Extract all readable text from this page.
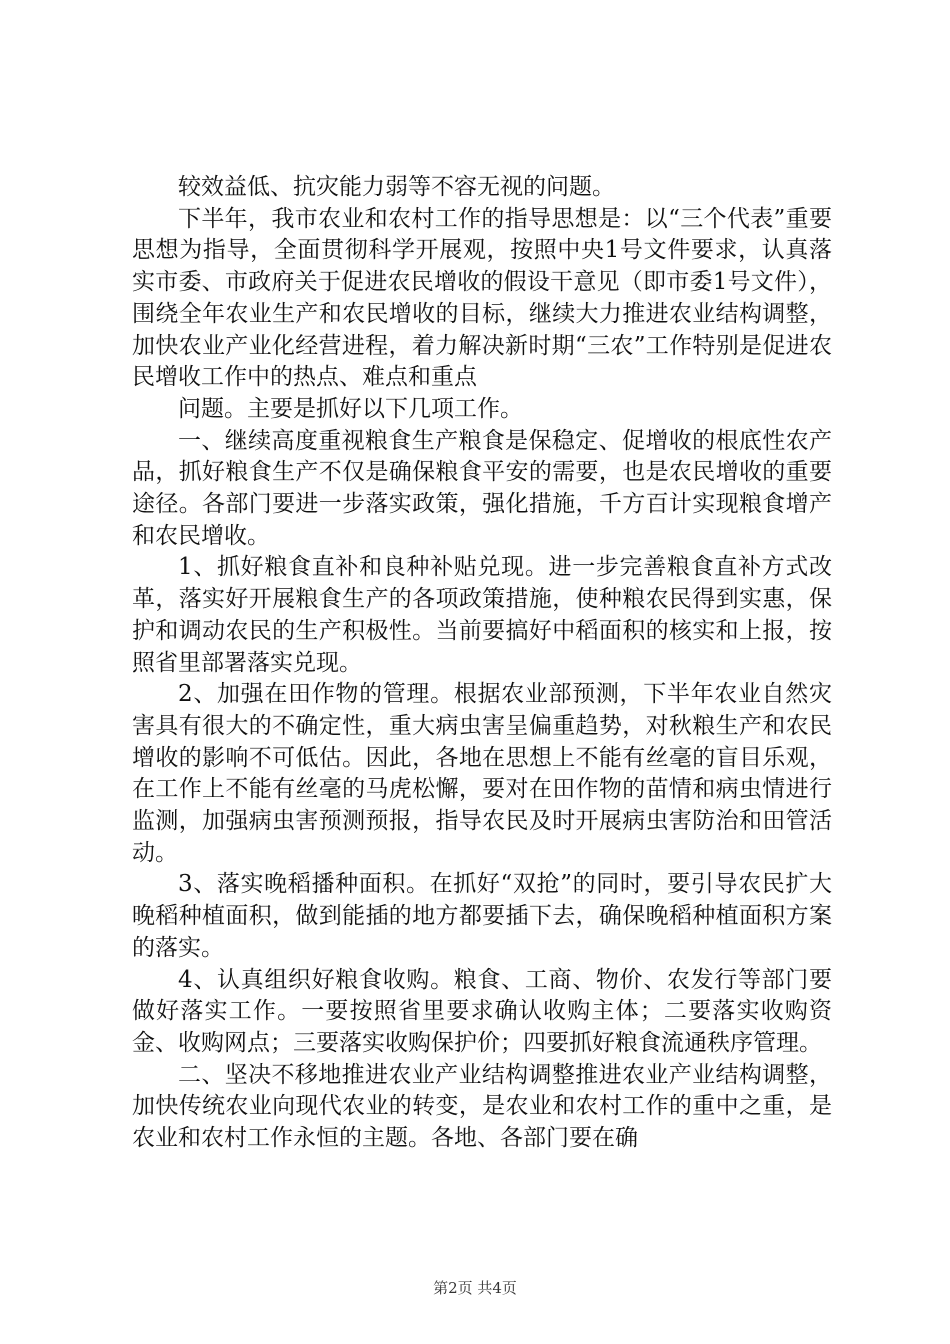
较效益低、抗灾能力弱等不容无视的问题。

下半年，我市农业和农村工作的指导思想是：以“三个代表”重要思想为指导，全面贯彻科学开展观，按照中央1号文件要求，认真落实市委、市政府关于促进农民增收的假设干意见（即市委1号文件），围绕全年农业生产和农民增收的目标，继续大力推进农业结构调整，加快农业产业化经营进程，着力解决新时期“三农”工作特别是促进农民增收工作中的热点、难点和重点

问题。主要是抓好以下几项工作。

一、继续高度重视粮食生产粮食是保稳定、促增收的根底性农产品，抓好粮食生产不仅是确保粮食平安的需要，也是农民增收的重要途径。各部门要进一步落实政策，强化措施，千方百计实现粮食增产和农民增收。

1、抓好粮食直补和良种补贴兑现。进一步完善粮食直补方式改革，落实好开展粮食生产的各项政策措施，使种粮农民得到实惠，保护和调动农民的生产积极性。当前要搞好中稻面积的核实和上报，按照省里部署落实兑现。

2、加强在田作物的管理。根据农业部预测，下半年农业自然灾害具有很大的不确定性，重大病虫害呈偏重趋势，对秋粮生产和农民增收的影响不可低估。因此，各地在思想上不能有丝毫的盲目乐观，在工作上不能有丝毫的马虎松懈，要对在田作物的苗情和病虫情进行监测，加强病虫害预测预报，指导农民及时开展病虫害防治和田管活动。

3、落实晚稻播种面积。在抓好“双抢”的同时，要引导农民扩大晚稻种植面积，做到能插的地方都要插下去，确保晚稻种植面积方案的落实。

4、认真组织好粮食收购。粮食、工商、物价、农发行等部门要做好落实工作。一要按照省里要求确认收购主体；二要落实收购资金、收购网点；三要落实收购保护价；四要抓好粮食流通秩序管理。

二、坚决不移地推进农业产业结构调整推进农业产业结构调整，加快传统农业向现代农业的转变，是农业和农村工作的重中之重，是农业和农村工作永恒的主题。各地、各部门要在确

第2页 共4页
